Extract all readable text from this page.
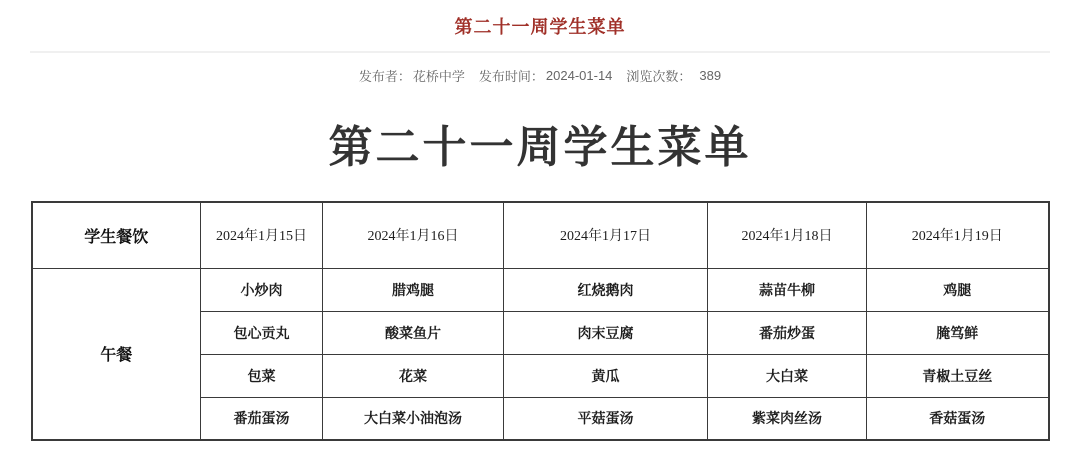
第二十一周学生菜单
发布者： 花桥中学 发布时间： 2024-01-14 浏览次数： 389
第二十一周学生菜单
学生餐饮	2024年1月15日	2024年1月16日	2024年1月17日	2024年1月18日	2024年1月19日
午餐	小炒肉	腊鸡腿	红烧鹅肉	蒜苗牛柳	鸡腿
	包心贡丸	酸菜鱼片	肉末豆腐	番茄炒蛋	腌笃鲜
	包菜	花菜	黄瓜	大白菜	青椒土豆丝
	番茄蛋汤	大白菜小油泡汤	平菇蛋汤	紫菜肉丝汤	香菇蛋汤
